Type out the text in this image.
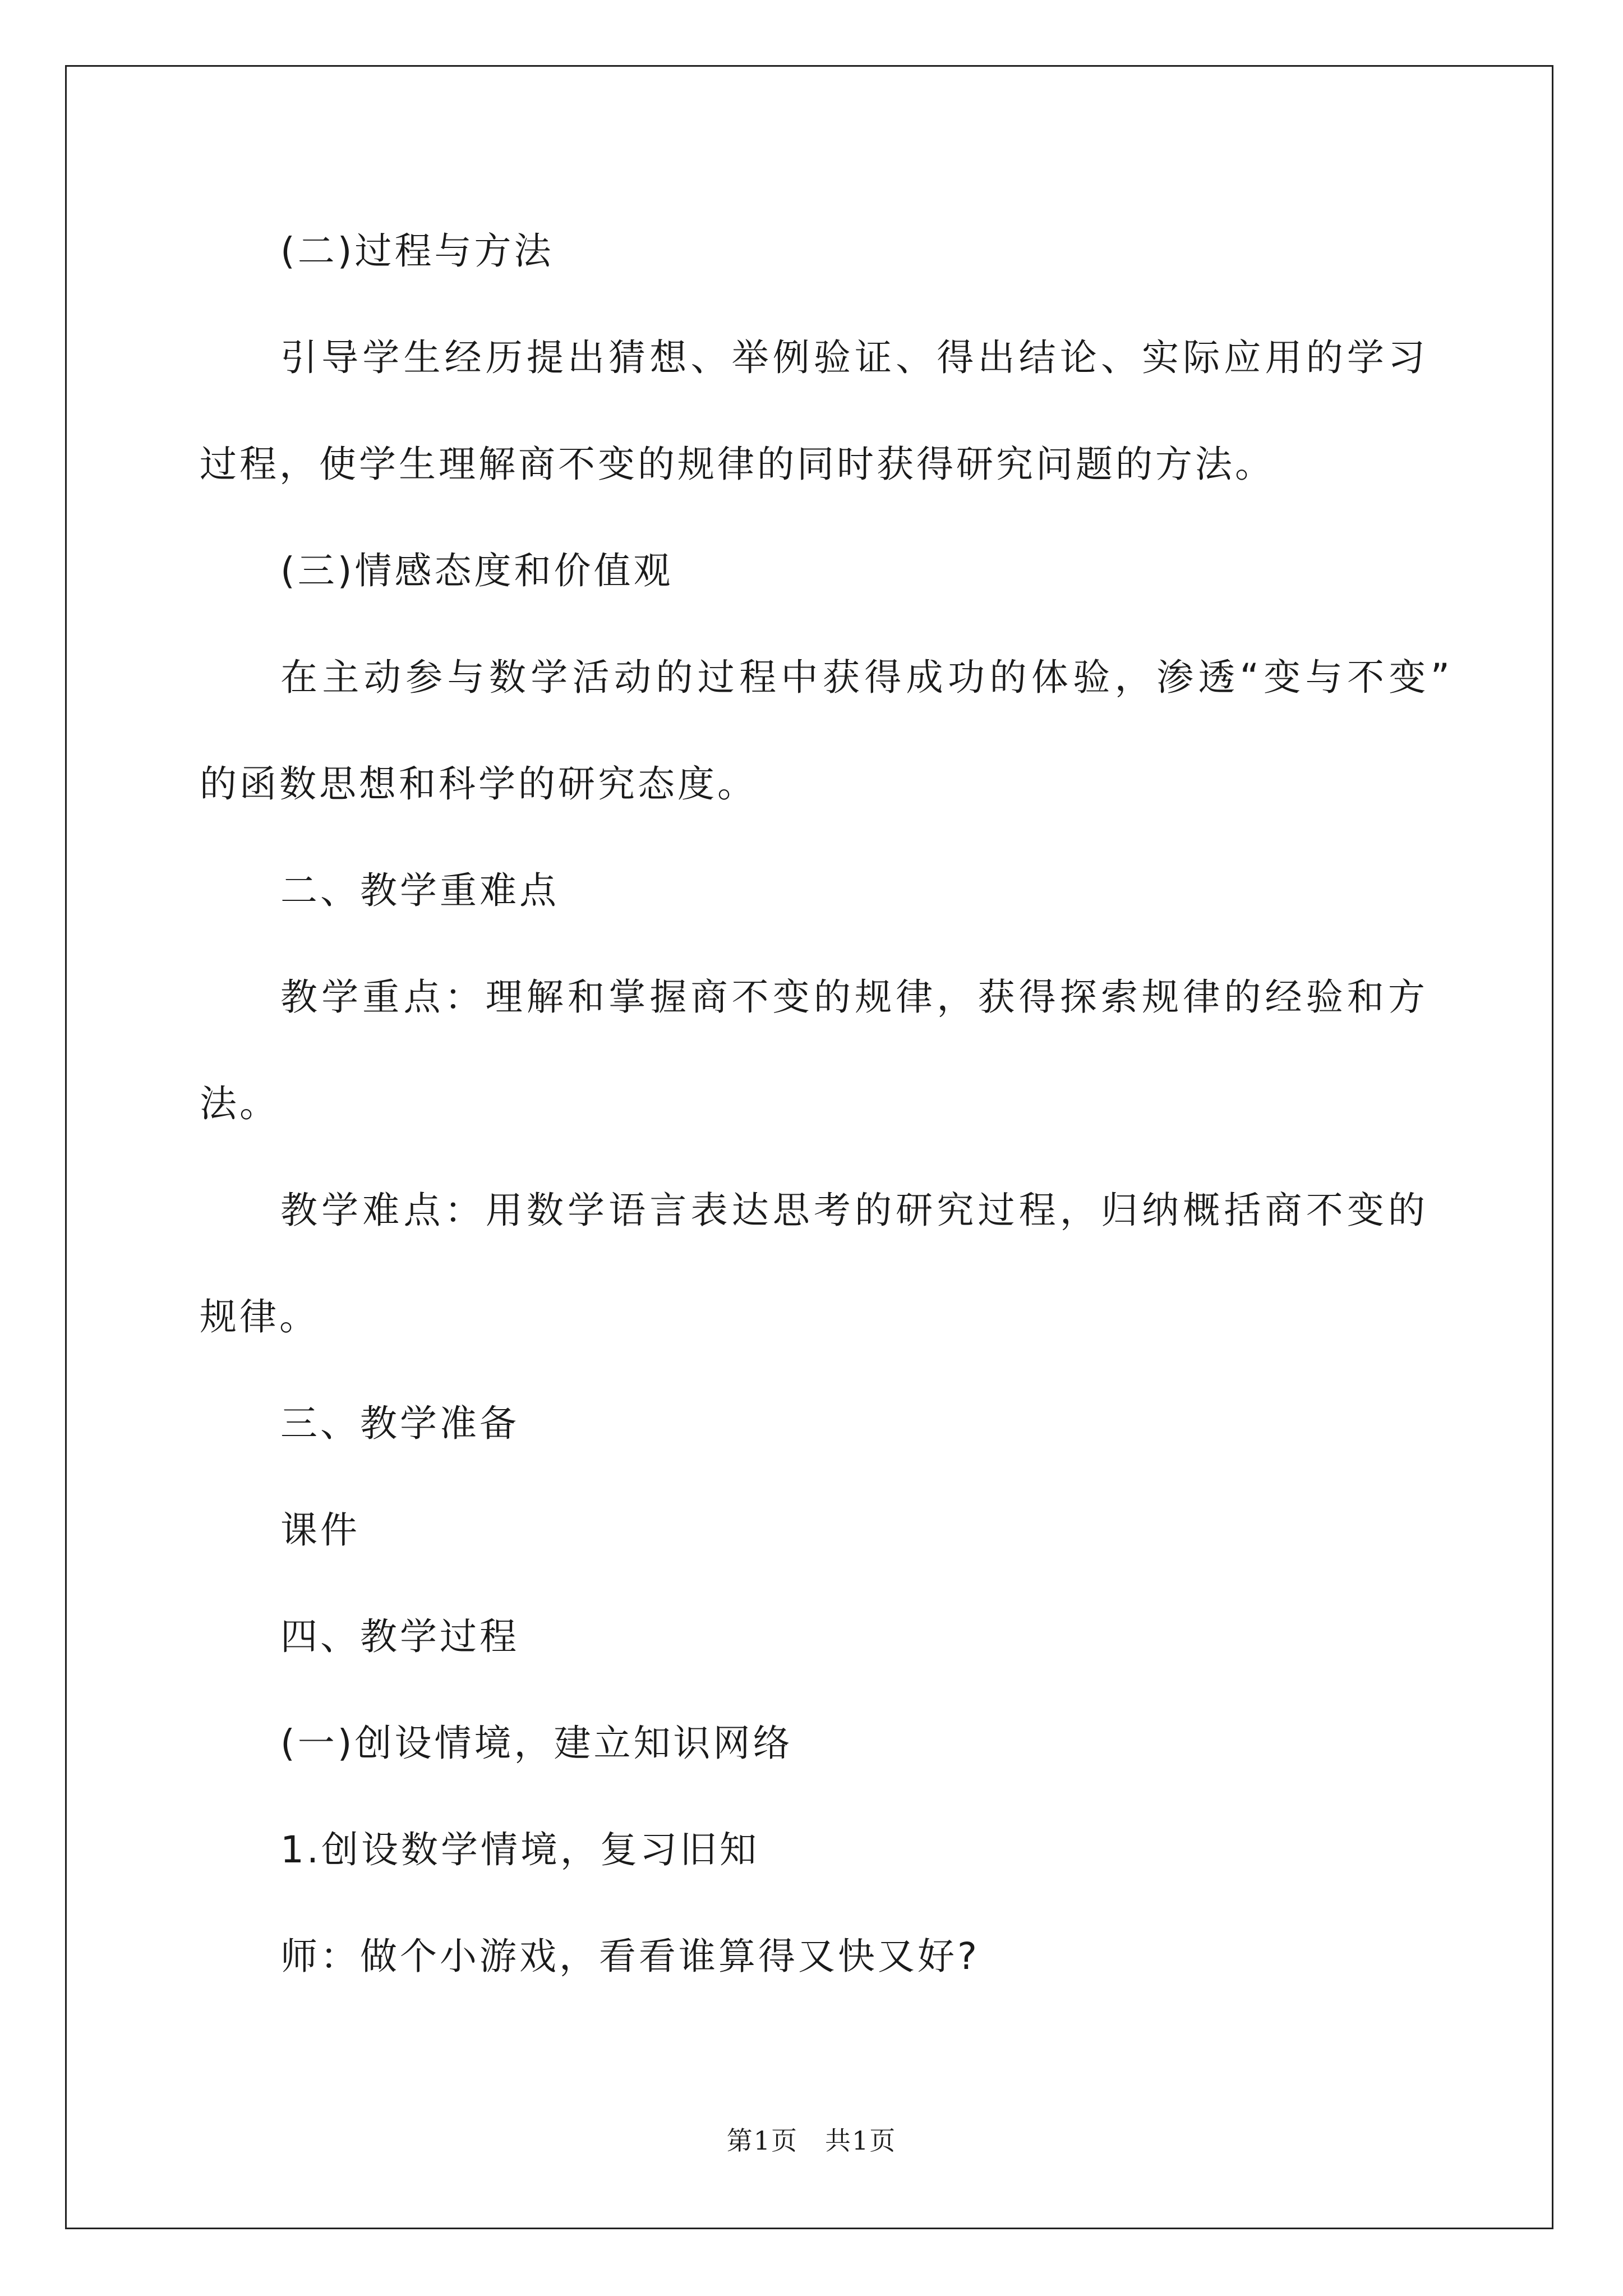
(二)过程与方法

引导学生经历提出猜想、举例验证、得出结论、实际应用的学习

过程，使学生理解商不变的规律的同时获得研究问题的方法。

(三)情感态度和价值观

在主动参与数学活动的过程中获得成功的体验，渗透“变与不变”

的函数思想和科学的研究态度。

二、教学重难点

教学重点：理解和掌握商不变的规律，获得探索规律的经验和方

法。

教学难点：用数学语言表达思考的研究过程，归纳概括商不变的

规律。

三、教学准备

课件

四、教学过程

(一)创设情境，建立知识网络

1.创设数学情境，复习旧知

师：做个小游戏，看看谁算得又快又好?

第1页　共1页
